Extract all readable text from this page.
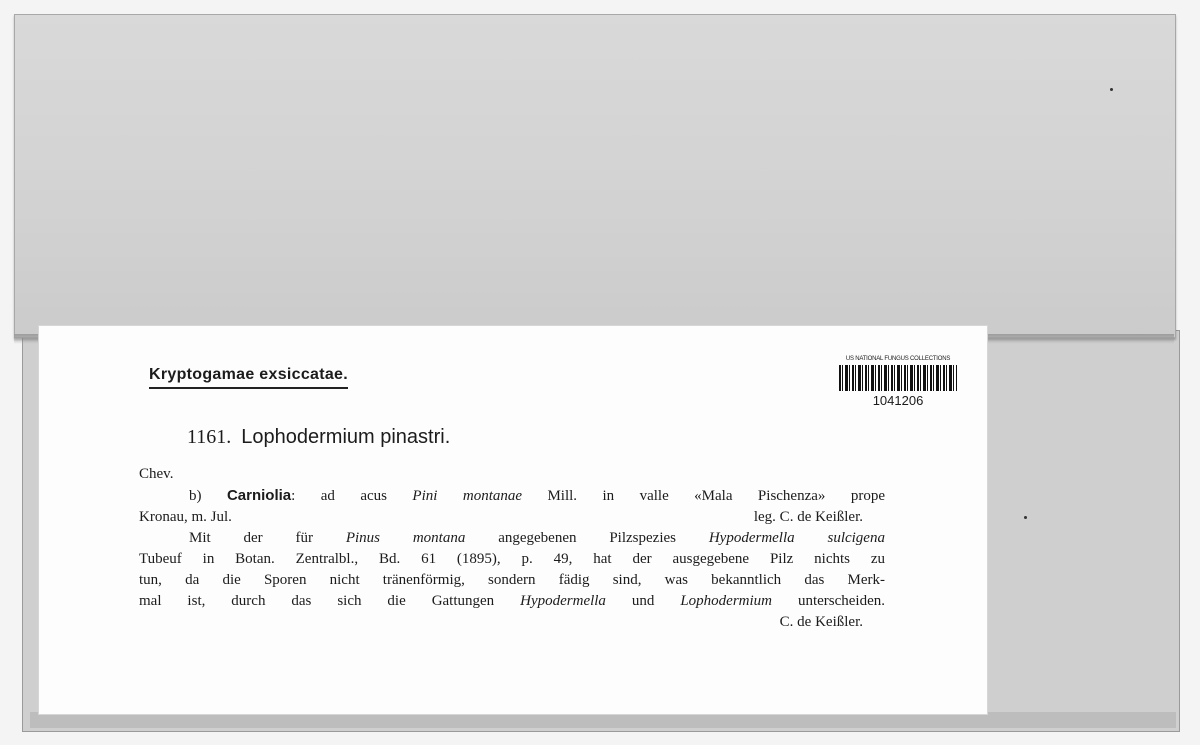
Kryptogamae exsiccatae.
US NATIONAL FUNGUS COLLECTIONS
1041206
1161. Lophodermium pinastri.
Chev.
b) Carniolia: ad acus Pini montanae Mill. in valle «Mala Pischenza» prope
Kronau, m. Jul.	leg. C. de Keißler.
Mit der für Pinus montana angegebenen Pilzspezies Hypodermella sulcigena
Tubeuf in Botan. Zentralbl., Bd. 61 (1895), p. 49, hat der ausgegebene Pilz nichts zu
tun, da die Sporen nicht tränenförmig, sondern fädig sind, was bekanntlich das Merk-
mal ist, durch das sich die Gattungen Hypodermella und Lophodermium unterscheiden.
C. de Keißler.
